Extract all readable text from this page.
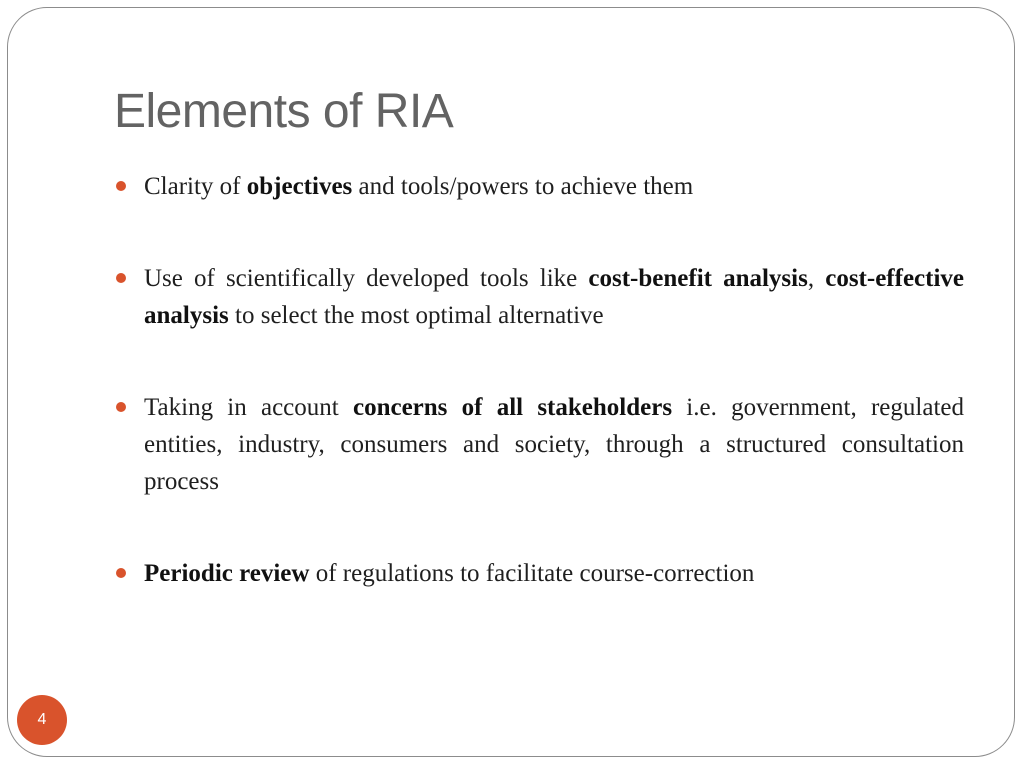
Elements of RIA
Clarity of objectives and tools/powers to achieve them
Use of scientifically developed tools like cost-benefit analysis, cost-effective analysis to select the most optimal alternative
Taking in account concerns of all stakeholders i.e. government, regulated entities, industry, consumers and society, through a structured consultation process
Periodic review of regulations to facilitate course-correction
4
